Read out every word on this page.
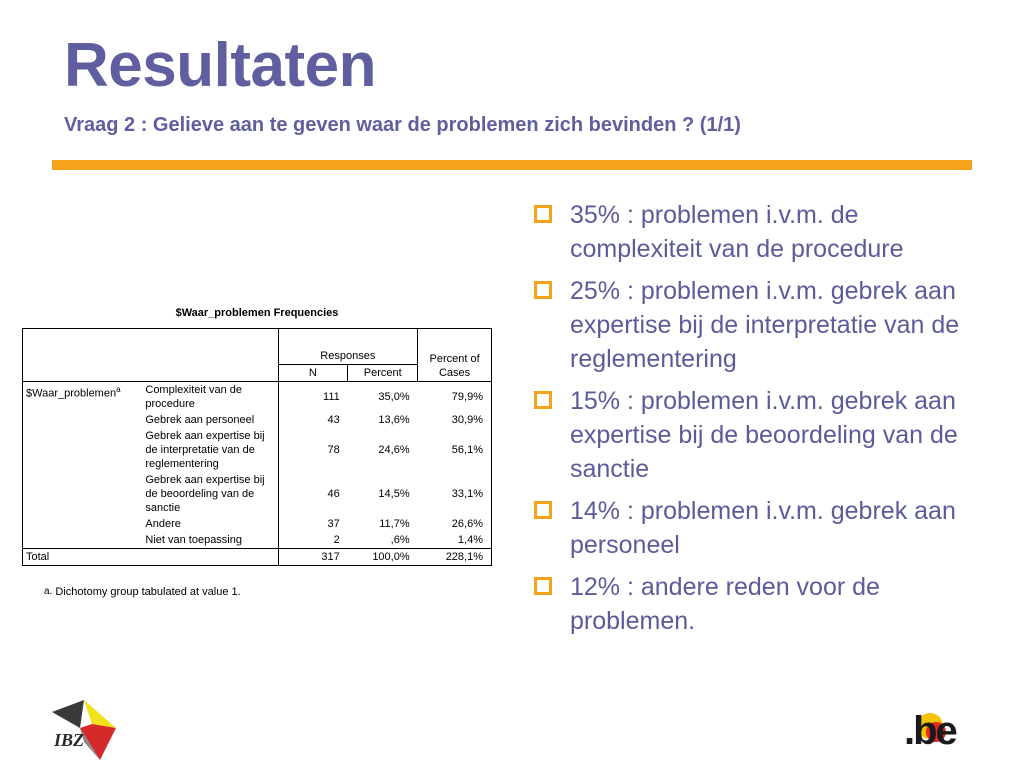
Resultaten
Vraag 2 : Gelieve aan te geven waar de problemen zich bevinden ? (1/1)
$Waar_problemen Frequencies
		Responses		Percent of Cases
		N	Percent	
$Waar_problemen$^a$	Complexiteit van de procedure	111	35,0%	79,9%
	Gebrek aan personeel	43	13,6%	30,9%
	Gebrek aan expertise bij de interpretatie van de reglementering	78	24,6%	56,1%
	Gebrek aan expertise bij de beoordeling van de sanctie	46	14,5%	33,1%
	Andere	37	11,7%	26,6%
	Niet van toepassing	2	,6%	1,4%
Total		317	100,0%	228,1%
$^{a.}$ Dichotomy group tabulated at value 1.
35% : problemen i.v.m. de complexiteit van de procedure
25% : problemen i.v.m. gebrek aan expertise bij de interpretatie van de reglementering
15% : problemen i.v.m. gebrek aan expertise bij de beoordeling van de sanctie
14% : problemen i.v.m. gebrek aan personeel
12% : andere reden voor de problemen.
IBZ	.be
